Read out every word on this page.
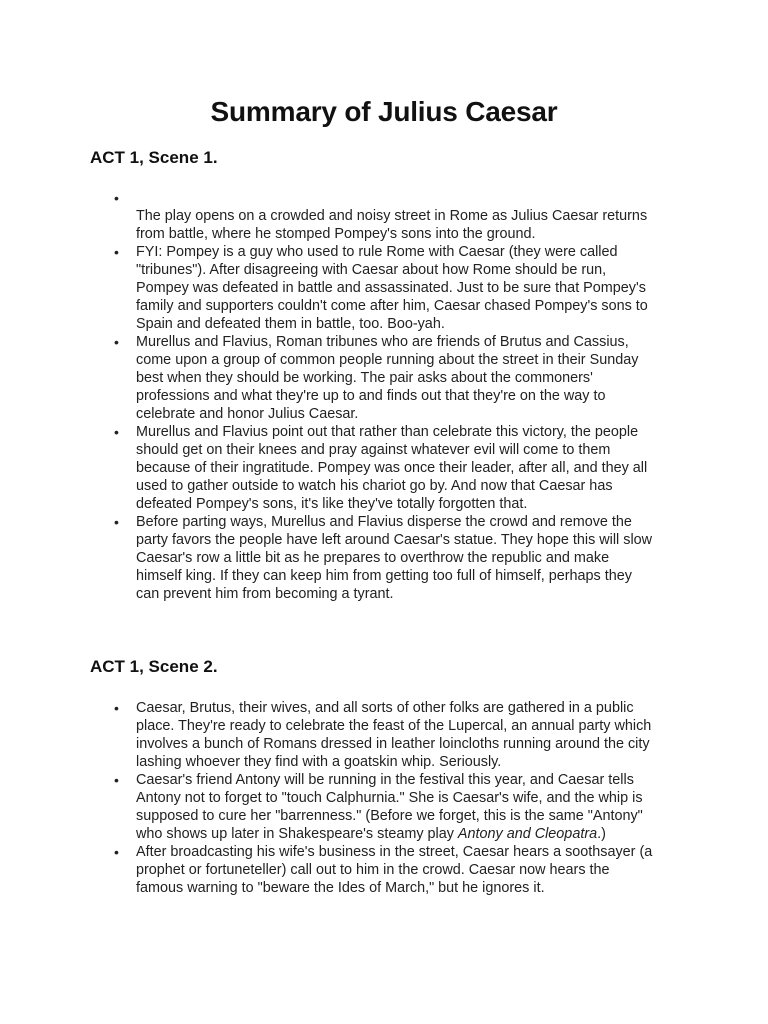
Summary of Julius Caesar
ACT 1, Scene 1.
• The play opens on a crowded and noisy street in Rome as Julius Caesar returns
from battle, where he stomped Pompey's sons into the ground.
• FYI: Pompey is a guy who used to rule Rome with Caesar (they were called
"tribunes"). After disagreeing with Caesar about how Rome should be run,
Pompey was defeated in battle and assassinated. Just to be sure that Pompey's
family and supporters couldn't come after him, Caesar chased Pompey's sons to
Spain and defeated them in battle, too. Boo-yah.
• Murellus and Flavius, Roman tribunes who are friends of Brutus and Cassius,
come upon a group of common people running about the street in their Sunday
best when they should be working. The pair asks about the commoners'
professions and what they're up to and finds out that they're on the way to
celebrate and honor Julius Caesar.
• Murellus and Flavius point out that rather than celebrate this victory, the people
should get on their knees and pray against whatever evil will come to them
because of their ingratitude. Pompey was once their leader, after all, and they all
used to gather outside to watch his chariot go by. And now that Caesar has
defeated Pompey's sons, it's like they've totally forgotten that.
• Before parting ways, Murellus and Flavius disperse the crowd and remove the
party favors the people have left around Caesar's statue. They hope this will slow
Caesar's row a little bit as he prepares to overthrow the republic and make
himself king. If they can keep him from getting too full of himself, perhaps they
can prevent him from becoming a tyrant.
ACT 1, Scene 2.
• Caesar, Brutus, their wives, and all sorts of other folks are gathered in a public
place. They're ready to celebrate the feast of the Lupercal, an annual party which
involves a bunch of Romans dressed in leather loincloths running around the city
lashing whoever they find with a goatskin whip. Seriously.
• Caesar's friend Antony will be running in the festival this year, and Caesar tells
Antony not to forget to "touch Calphurnia." She is Caesar's wife, and the whip is
supposed to cure her "barrenness." (Before we forget, this is the same "Antony"
who shows up later in Shakespeare's steamy play Antony and Cleopatra.)
• After broadcasting his wife's business in the street, Caesar hears a soothsayer (a
prophet or fortuneteller) call out to him in the crowd. Caesar now hears the
famous warning to "beware the Ides of March," but he ignores it.
